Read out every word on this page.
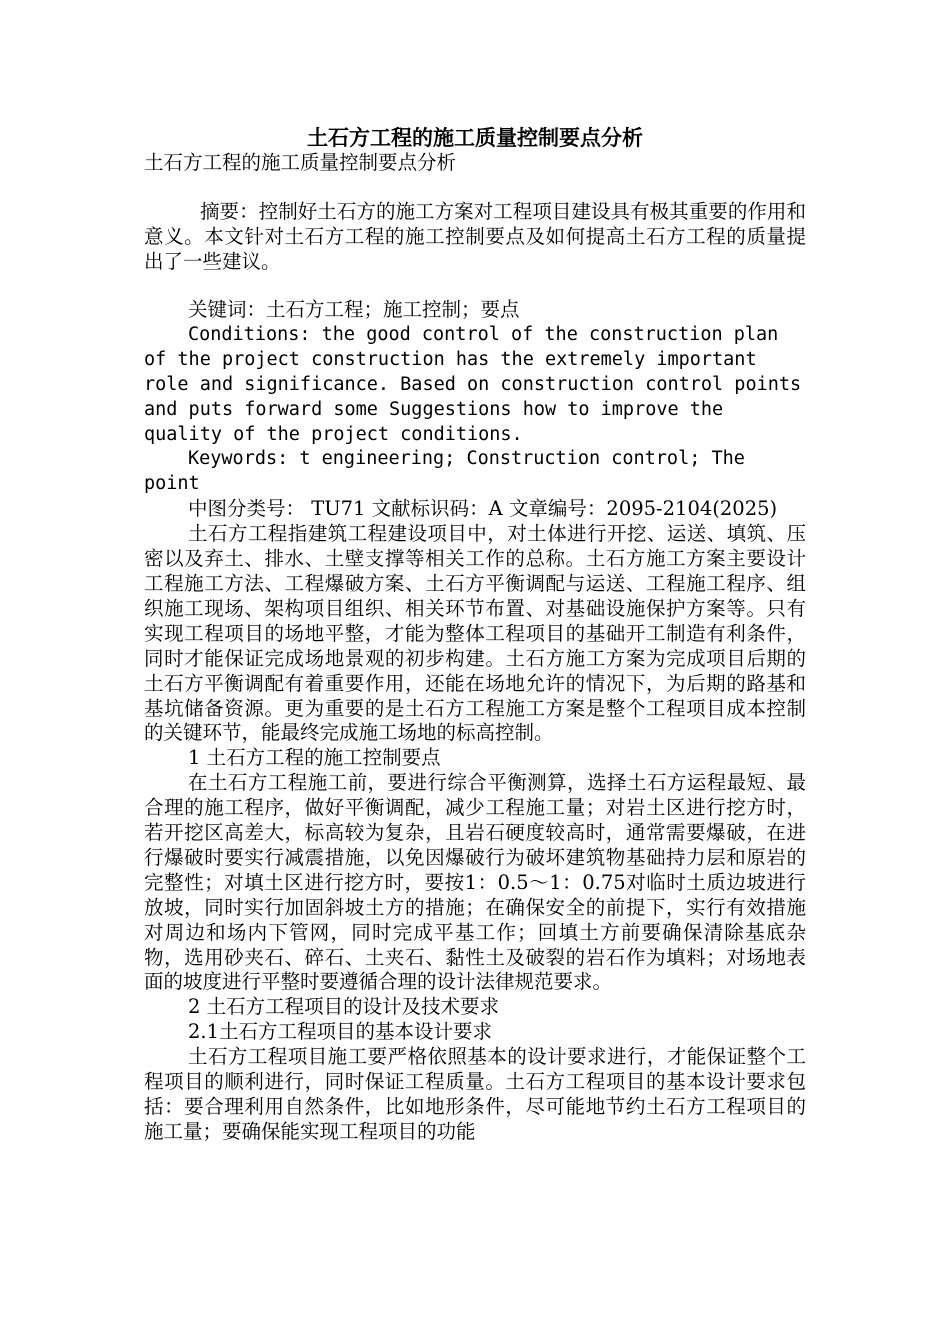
土石方工程的施工质量控制要点分析
土石方工程的施工质量控制要点分析
摘要：控制好土石方的施工方案对工程项目建设具有极其重要的作用和意义。本文针对土石方工程的施工控制要点及如何提高土石方工程的质量提出了一些建议。

关键词：土石方工程；施工控制；要点

Conditions: the good control of the construction plan of the project construction has the extremely important role and significance. Based on construction control points and puts forward some Suggestions how to improve the quality of the project conditions.

Keywords: t engineering; Construction control; The point

中图分类号： TU71 文献标识码：A 文章编号：2095-2104(2025)

土石方工程指建筑工程建设项目中，对土体进行开挖、运送、填筑、压密以及弃土、排水、土壁支撑等相关工作的总称。土石方施工方案主要设计工程施工方法、工程爆破方案、土石方平衡调配与运送、工程施工程序、组织施工现场、架构项目组织、相关环节布置、对基础设施保护方案等。只有实现工程项目的场地平整，才能为整体工程项目的基础开工制造有利条件，同时才能保证完成场地景观的初步构建。土石方施工方案为完成项目后期的土石方平衡调配有着重要作用，还能在场地允许的情况下，为后期的路基和基坑储备资源。更为重要的是土石方工程施工方案是整个工程项目成本控制的关键环节，能最终完成施工场地的标高控制。

1 土石方工程的施工控制要点

在土石方工程施工前，要进行综合平衡测算，选择土石方运程最短、最合理的施工程序，做好平衡调配，减少工程施工量；对岩土区进行挖方时，若开挖区高差大，标高较为复杂，且岩石硬度较高时，通常需要爆破，在进行爆破时要实行减震措施，以免因爆破行为破坏建筑物基础持力层和原岩的完整性；对填土区进行挖方时，要按1：0.5～1：0.75对临时土质边坡进行放坡，同时实行加固斜坡土方的措施；在确保安全的前提下，实行有效措施对周边和场内下管网，同时完成平基工作；回填土方前要确保清除基底杂物，选用砂夹石、碎石、土夹石、黏性土及破裂的岩石作为填料；对场地表面的坡度进行平整时要遵循合理的设计法律规范要求。

2 土石方工程项目的设计及技术要求

2.1土石方工程项目的基本设计要求

土石方工程项目施工要严格依照基本的设计要求进行，才能保证整个工程项目的顺利进行，同时保证工程质量。土石方工程项目的基本设计要求包括：要合理利用自然条件，比如地形条件，尽可能地节约土石方工程项目的施工量；要确保能实现工程项目的功能
